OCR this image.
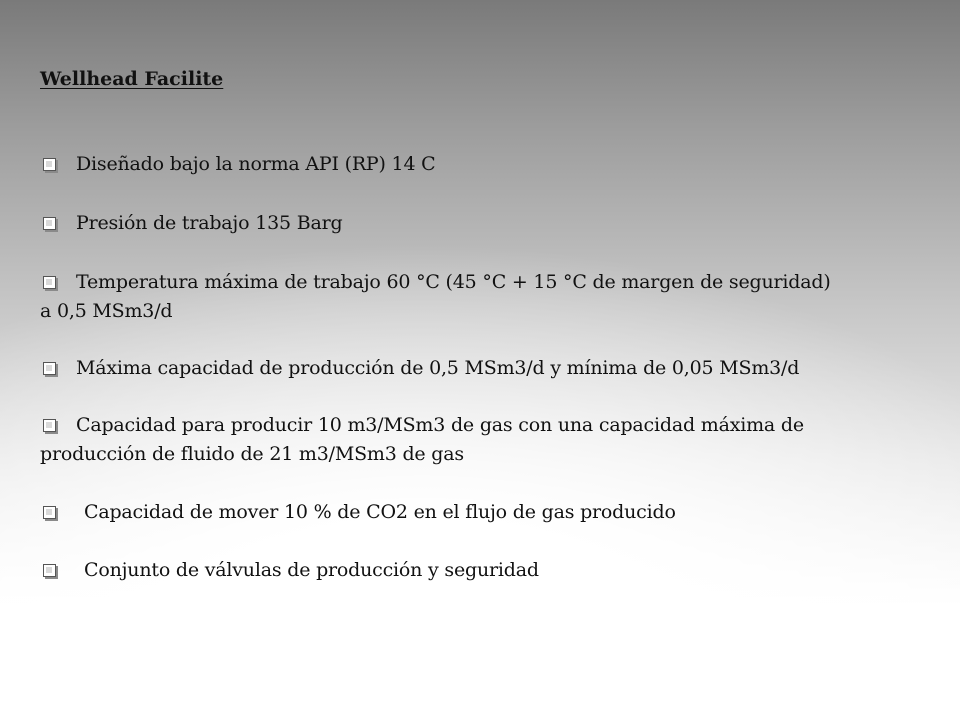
Wellhead Facilite
Diseñado bajo la norma API (RP) 14 C
Presión de trabajo 135 Barg
Temperatura máxima de trabajo 60 °C (45 °C + 15 °C de margen de seguridad)
a 0,5 MSm3/d
Máxima capacidad de producción de 0,5 MSm3/d y mínima de 0,05 MSm3/d
Capacidad para producir 10 m3/MSm3 de gas con una capacidad máxima de
producción de fluido de 21 m3/MSm3 de gas
Capacidad de mover 10 % de CO2 en el flujo de gas producido
Conjunto de válvulas de producción y seguridad
